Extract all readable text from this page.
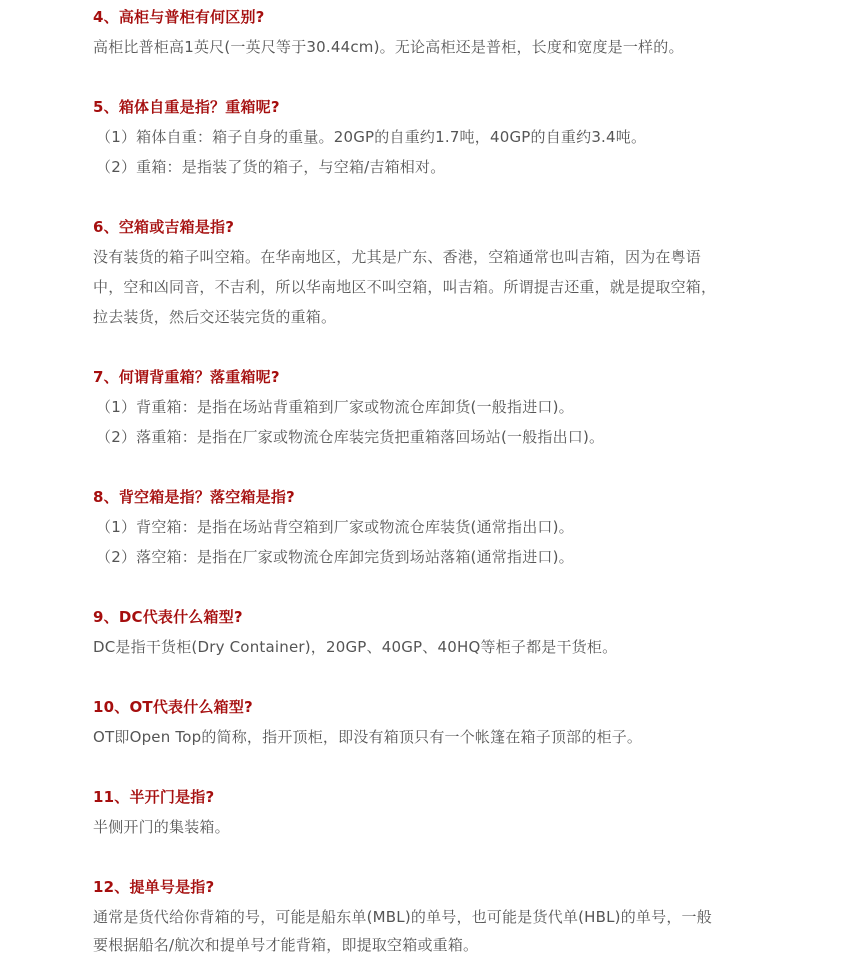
4、高柜与普柜有何区别?
高柜比普柜高1英尺(一英尺等于30.44cm)。无论高柜还是普柜，长度和宽度是一样的。
5、箱体自重是指？重箱呢?
（1）箱体自重：箱子自身的重量。20GP的自重约1.7吨，40GP的自重约3.4吨。
（2）重箱：是指装了货的箱子，与空箱/吉箱相对。
6、空箱或吉箱是指?
没有装货的箱子叫空箱。在华南地区，尤其是广东、香港，空箱通常也叫吉箱，因为在粤语
中，空和凶同音，不吉利，所以华南地区不叫空箱，叫吉箱。所谓提吉还重，就是提取空箱，
拉去装货，然后交还装完货的重箱。
7、何谓背重箱？落重箱呢?
（1）背重箱：是指在场站背重箱到厂家或物流仓库卸货(一般指进口)。
（2）落重箱：是指在厂家或物流仓库装完货把重箱落回场站(一般指出口)。
8、背空箱是指？落空箱是指?
（1）背空箱：是指在场站背空箱到厂家或物流仓库装货(通常指出口)。
（2）落空箱：是指在厂家或物流仓库卸完货到场站落箱(通常指进口)。
9、DC代表什么箱型?
DC是指干货柜(Dry Container)，20GP、40GP、40HQ等柜子都是干货柜。
10、OT代表什么箱型?
OT即Open Top的简称，指开顶柜，即没有箱顶只有一个帐篷在箱子顶部的柜子。
11、半开门是指?
半侧开门的集装箱。
12、提单号是指?
通常是货代给你背箱的号，可能是船东单(MBL)的单号，也可能是货代单(HBL)的单号，一般
要根据船名/航次和提单号才能背箱，即提取空箱或重箱。
